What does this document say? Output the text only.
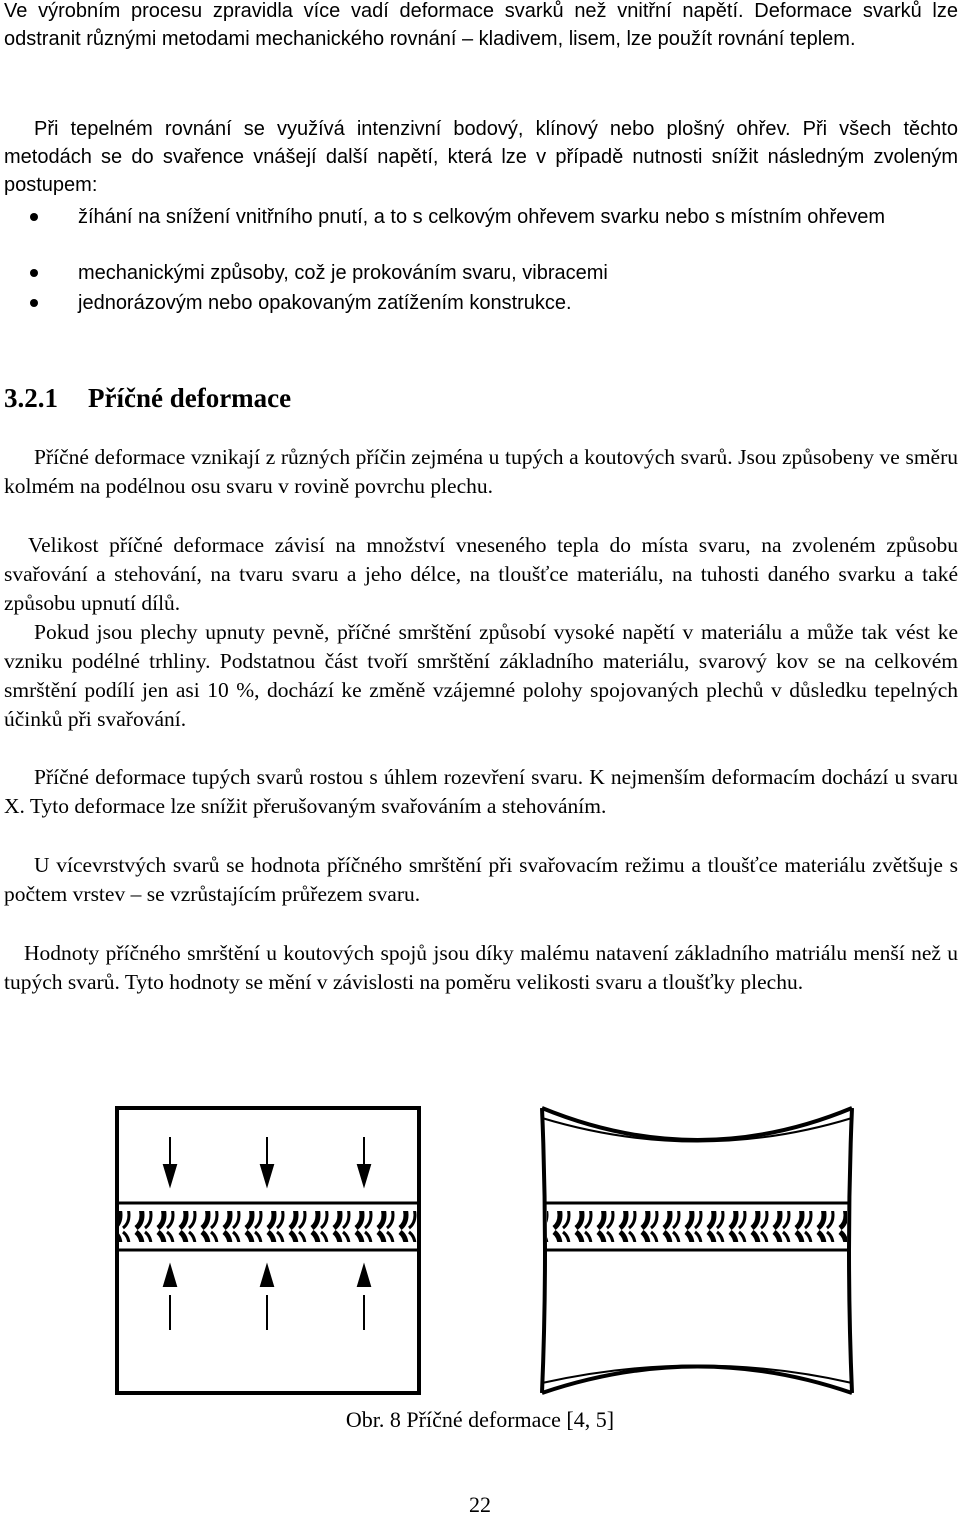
Ve výrobním procesu zpravidla více vadí deformace svarků než vnitřní napětí. Deformace svarků lze odstranit různými metodami mechanického rovnání – kladivem, lisem, lze použít rovnání teplem.
Při tepelném rovnání se využívá intenzivní bodový, klínový nebo plošný ohřev. Při všech těchto metodách se do svařence vnášejí další napětí, která lze v případě nutnosti snížit následným zvoleným postupem:
žíhání na snížení vnitřního pnutí, a to s celkovým ohřevem svarku nebo s místním ohřevem
mechanickými způsoby, což je prokováním svaru, vibracemi
jednorázovým nebo opakovaným zatížením konstrukce.
3.2.1 Příčné deformace
Příčné deformace vznikají z různých příčin zejména u tupých a koutových svarů. Jsou způsobeny ve směru kolmém na podélnou osu svaru v rovině povrchu plechu.
Velikost příčné deformace závisí na množství vneseného tepla do místa svaru, na zvoleném způsobu svařování a stehování, na tvaru svaru a jeho délce, na tloušťce materiálu, na tuhosti daného svarku a také způsobu upnutí dílů.
Pokud jsou plechy upnuty pevně, příčné smrštění způsobí vysoké napětí v materiálu a může tak vést ke vzniku podélné trhliny. Podstatnou část tvoří smrštění základního materiálu, svarový kov se na celkovém smrštění podílí jen asi 10 %, dochází ke změně vzájemné polohy spojovaných plechů v důsledku tepelných účinků při svařování.
Příčné deformace tupých svarů rostou s úhlem rozevření svaru. K nejmenším deformacím dochází u svaru X. Tyto deformace lze snížit přerušovaným svařováním a stehováním.
U vícevrstvých svarů se hodnota příčného smrštění při svařovacím režimu a tloušťce materiálu zvětšuje s počtem vrstev – se vzrůstajícím průřezem svaru.
Hodnoty příčného smrštění u koutových spojů jsou díky malému natavení základního matriálu menší než u tupých svarů. Tyto hodnoty se mění v závislosti na poměru velikosti svaru a tloušťky plechu.
Obr. 8 Příčné deformace [4, 5]
22
